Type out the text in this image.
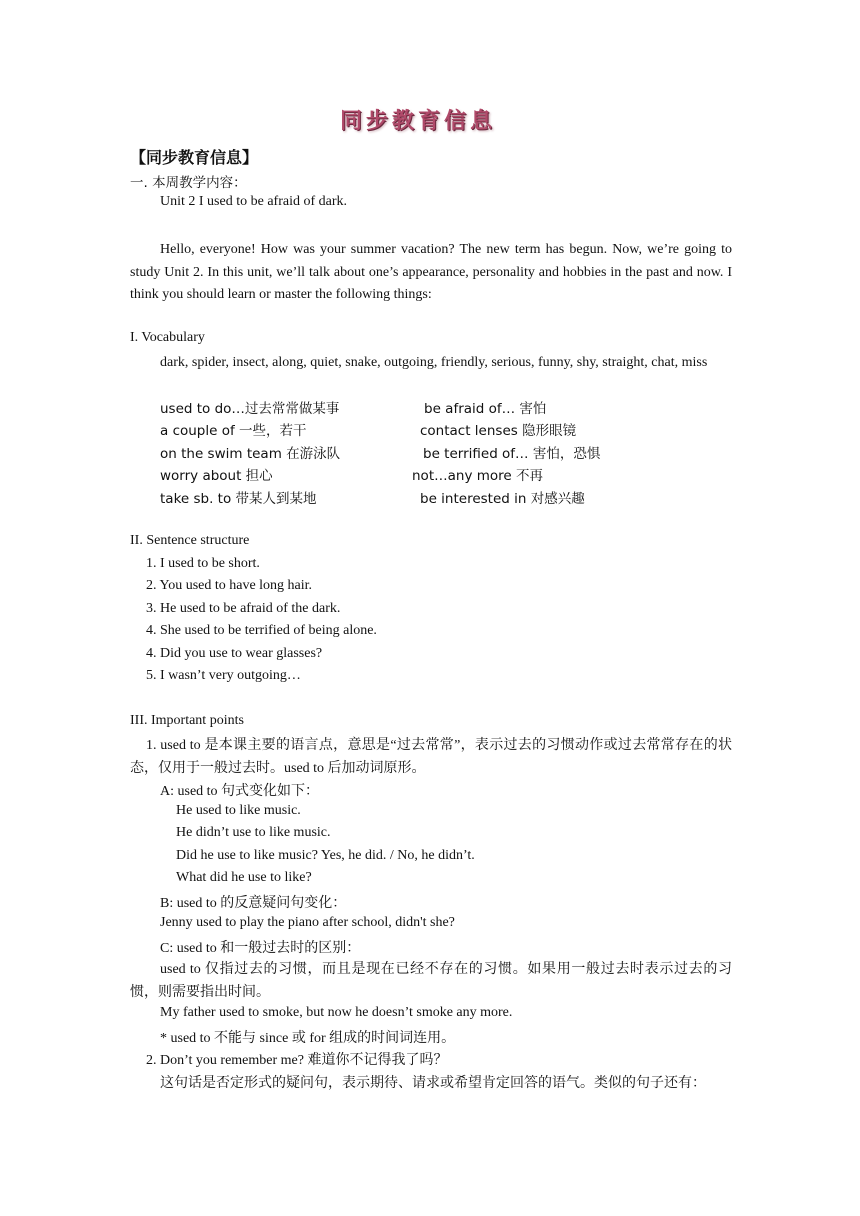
同步教育信息
【同步教育信息】
一. 本周教学内容：
Unit 2 I used to be afraid of dark.
Hello, everyone! How was your summer vacation? The new term has begun. Now, we’re going to study Unit 2. In this unit, we’ll talk about one’s appearance, personality and hobbies in the past and now. I think you should learn or master the following things:
I. Vocabulary
dark, spider, insect, along, quiet, snake, outgoing, friendly, serious, funny, shy, straight, chat, miss
used to do…过去常常做某事	be afraid of… 害怕
a couple of 一些，若干	contact lenses 隐形眼镜
on the swim team 在游泳队	be terrified of… 害怕，恐惧
worry about 担心	not…any more 不再
take sb. to 带某人到某地	be interested in 对感兴趣
II. Sentence structure
1. I used to be short.
2. You used to have long hair.
3. He used to be afraid of the dark.
4. She used to be terrified of being alone.
4. Did you use to wear glasses?
5. I wasn’t very outgoing…
III. Important points
1. used to 是本课主要的语言点，意思是“过去常常”，表示过去的习惯动作或过去常常存在的状态，仅用于一般过去时。used to 后加动词原形。
A: used to 句式变化如下：
He used to like music.
He didn’t use to like music.
Did he use to like music? Yes, he did. / No, he didn’t.
What did he use to like?
B: used to 的反意疑问句变化：
Jenny used to play the piano after school, didn't she?
C: used to 和一般过去时的区别：
used to 仅指过去的习惯，而且是现在已经不存在的习惯。如果用一般过去时表示过去的习惯，则需要指出时间。
My father used to smoke, but now he doesn’t smoke any more.
* used to 不能与 since 或 for 组成的时间词连用。
2. Don’t you remember me? 难道你不记得我了吗？
这句话是否定形式的疑问句，表示期待、请求或希望肯定回答的语气。类似的句子还有：
